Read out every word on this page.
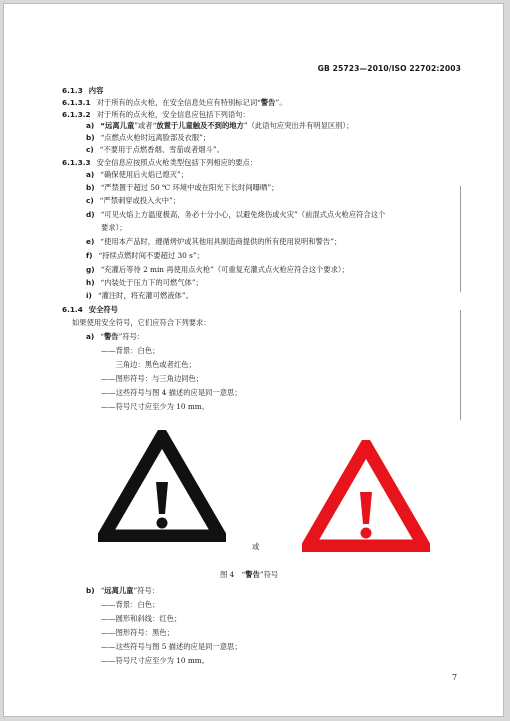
GB 25723—2010/ISO 22702:2003
6.1.3 内容
6.1.3.1 对于所有的点火枪，在安全信息处应有特别标记词“警告”。
6.1.3.2 对于所有的点火枪，安全信息应包括下列语句：
a) “远离儿童”或者“放置于儿童触及不到的地方”（此语句应突出并有明显区别）；
b) “点燃点火枪时远离脸部及衣服”；
c) “不要用于点燃香烟、雪茄或者烟斗”。
6.1.3.3 安全信息应按照点火枪类型包括下列相应的要点：
a) “确保使用后火焰已熄灭”；
b) “严禁置于超过 50 ℃ 环境中或在阳光下长时间曝晒”；
c) “严禁刺穿或投入火中”；
d) “可见火焰上方温度极高，务必十分小心，以避免烧伤或火灾”（前混式点火枪应符合这个
要求）；
e) “使用本产品时，遵循烤炉或其他用具制造商提供的所有使用说明和警告”；
f) “持续点燃时间不要超过 30 s”；
g) “充灌后等待 2 min 再使用点火枪”（可重复充灌式点火枪应符合这个要求）；
h) “内装处于压力下的可燃气体”；
i) “灌注时，将充灌可燃液体”。
6.1.4 安全符号
如果使用安全符号，它们应符合下列要求：
a) “警告”符号：
——背景：白色；
　　三角边：黑色或者红色；
——图形符号：与三角边同色；
——这些符号与图 4 描述的应是同一意思；
——符号尺寸应至少为 10 mm。
或
图 4　“警告”符号
b) “远离儿童”符号：
——背景：白色；
——圆形和斜线：红色；
——图形符号：黑色；
——这些符号与图 5 描述的应是同一意思；
——符号尺寸应至少为 10 mm。
7
